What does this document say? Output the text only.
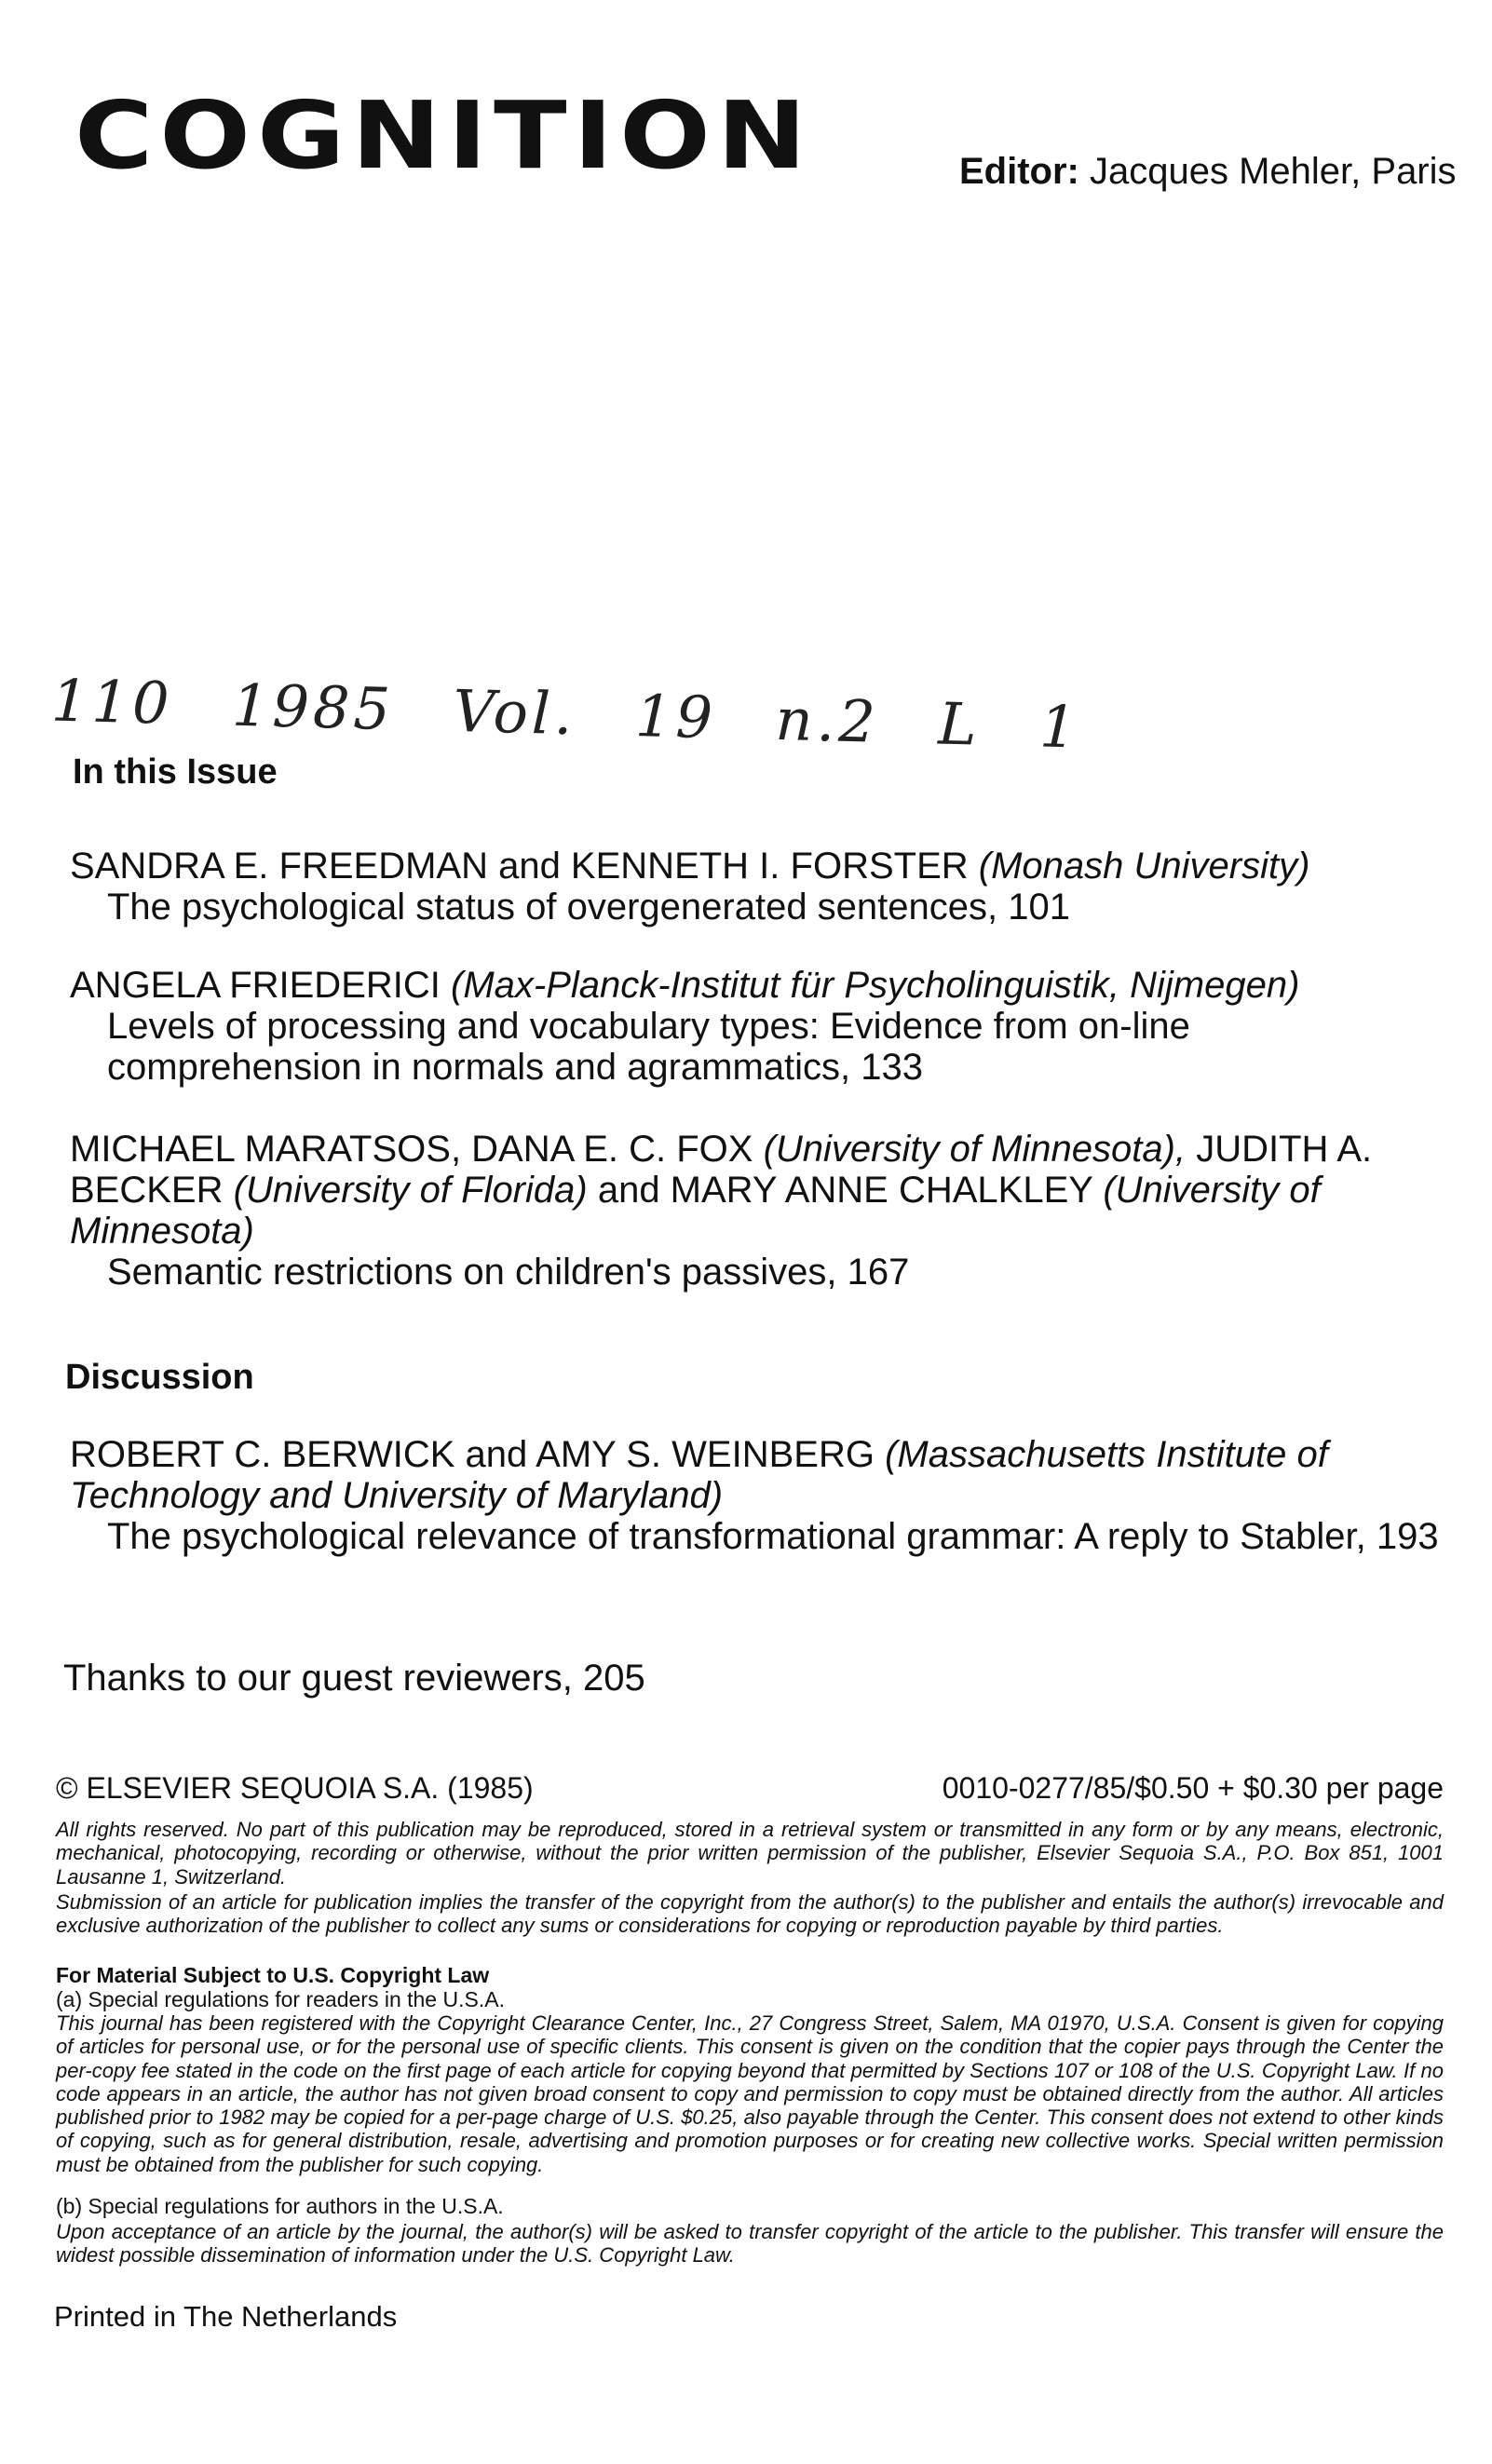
COGNITION	Editor: Jacques Mehler, Paris
110 1985 Vol. 19 n.2 L 1
In this Issue

SANDRA E. FREEDMAN and KENNETH I. FORSTER (Monash University)

The psychological status of overgenerated sentences, 101

ANGELA FRIEDERICI (Max-Planck-Institut für Psycholinguistik, Nijmegen)

Levels of processing and vocabulary types: Evidence from on-line comprehension in normals and agrammatics, 133

MICHAEL MARATSOS, DANA E. C. FOX (University of Minnesota), JUDITH A. BECKER (University of Florida) and MARY ANNE CHALKLEY (University of Minnesota)

Semantic restrictions on children's passives, 167

Discussion

ROBERT C. BERWICK and AMY S. WEINBERG (Massachusetts Institute of Technology and University of Maryland)

The psychological relevance of transformational grammar: A reply to Stabler, 193

Thanks to our guest reviewers, 205
© ELSEVIER SEQUOIA S.A. (1985)	0010-0277/85/$0.50 + $0.30 per page
All rights reserved. No part of this publication may be reproduced, stored in a retrieval system or transmitted in any form or by any means, electronic, mechanical, photocopying, recording or otherwise, without the prior written permission of the publisher, Elsevier Sequoia S.A., P.O. Box 851, 1001 Lausanne 1, Switzerland.
Submission of an article for publication implies the transfer of the copyright from the author(s) to the publisher and entails the author(s) irrevocable and exclusive authorization of the publisher to collect any sums or considerations for copying or reproduction payable by third parties.
For Material Subject to U.S. Copyright Law
(a) Special regulations for readers in the U.S.A.
This journal has been registered with the Copyright Clearance Center, Inc., 27 Congress Street, Salem, MA 01970, U.S.A. Consent is given for copying of articles for personal use, or for the personal use of specific clients. This consent is given on the condition that the copier pays through the Center the per-copy fee stated in the code on the first page of each article for copying beyond that permitted by Sections 107 or 108 of the U.S. Copyright Law. If no code appears in an article, the author has not given broad consent to copy and permission to copy must be obtained directly from the author. All articles published prior to 1982 may be copied for a per-page charge of U.S. $0.25, also payable through the Center. This consent does not extend to other kinds of copying, such as for general distribution, resale, advertising and promotion purposes or for creating new collective works. Special written permission must be obtained from the publisher for such copying.
(b) Special regulations for authors in the U.S.A.
Upon acceptance of an article by the journal, the author(s) will be asked to transfer copyright of the article to the publisher. This transfer will ensure the widest possible dissemination of information under the U.S. Copyright Law.
Printed in The Netherlands
